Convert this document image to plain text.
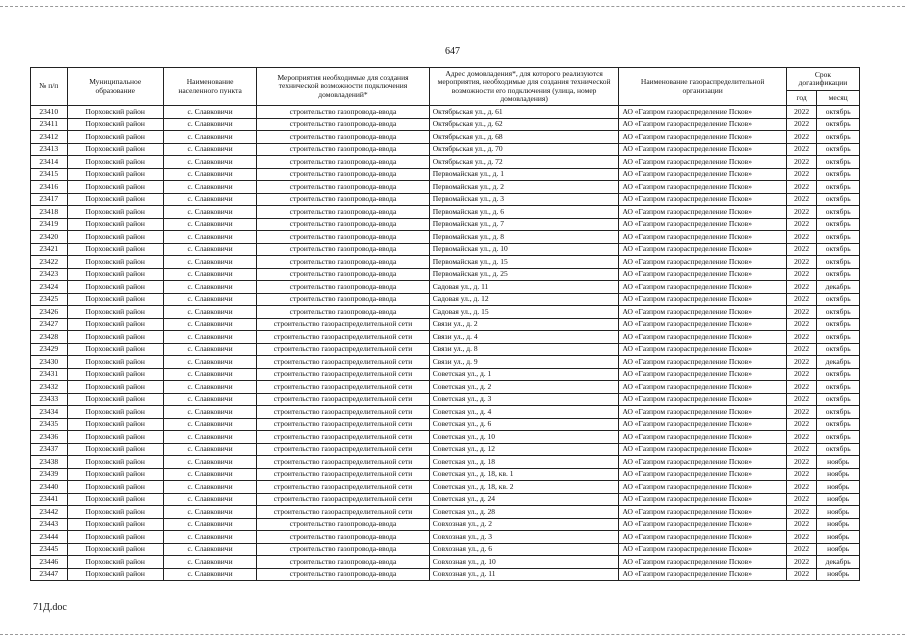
647
№ п/п	Муниципальное образование	Наименование населенного пункта	Мероприятия необходимые для создания технической возможности подключения домовладений*	Адрес домовладения*, для которого реализуются мероприятия, необходимые для создания технической возможности его подключения (улица, номер домовладения)	Наименование газораспределительной организации	Срок догазификации	
						год	месяц
23410	Порховский район	с. Славковичи	строительство газопровода-ввода	Октябрьская ул., д. 61	АО «Газпром газораспределение Псков»	2022	октябрь
23411	Порховский район	с. Славковичи	строительство газопровода-ввода	Октябрьская ул., д. 62	АО «Газпром газораспределение Псков»	2022	октябрь
23412	Порховский район	с. Славковичи	строительство газопровода-ввода	Октябрьская ул., д. 68	АО «Газпром газораспределение Псков»	2022	октябрь
23413	Порховский район	с. Славковичи	строительство газопровода-ввода	Октябрьская ул., д. 70	АО «Газпром газораспределение Псков»	2022	октябрь
23414	Порховский район	с. Славковичи	строительство газопровода-ввода	Октябрьская ул., д. 72	АО «Газпром газораспределение Псков»	2022	октябрь
23415	Порховский район	с. Славковичи	строительство газопровода-ввода	Первомайская ул., д. 1	АО «Газпром газораспределение Псков»	2022	октябрь
23416	Порховский район	с. Славковичи	строительство газопровода-ввода	Первомайская ул., д. 2	АО «Газпром газораспределение Псков»	2022	октябрь
23417	Порховский район	с. Славковичи	строительство газопровода-ввода	Первомайская ул., д. 3	АО «Газпром газораспределение Псков»	2022	октябрь
23418	Порховский район	с. Славковичи	строительство газопровода-ввода	Первомайская ул., д. 6	АО «Газпром газораспределение Псков»	2022	октябрь
23419	Порховский район	с. Славковичи	строительство газопровода-ввода	Первомайская ул., д. 7	АО «Газпром газораспределение Псков»	2022	октябрь
23420	Порховский район	с. Славковичи	строительство газопровода-ввода	Первомайская ул., д. 8	АО «Газпром газораспределение Псков»	2022	октябрь
23421	Порховский район	с. Славковичи	строительство газопровода-ввода	Первомайская ул., д. 10	АО «Газпром газораспределение Псков»	2022	октябрь
23422	Порховский район	с. Славковичи	строительство газопровода-ввода	Первомайская ул., д. 15	АО «Газпром газораспределение Псков»	2022	октябрь
23423	Порховский район	с. Славковичи	строительство газопровода-ввода	Первомайская ул., д. 25	АО «Газпром газораспределение Псков»	2022	октябрь
23424	Порховский район	с. Славковичи	строительство газопровода-ввода	Садовая ул., д. 11	АО «Газпром газораспределение Псков»	2022	декабрь
23425	Порховский район	с. Славковичи	строительство газопровода-ввода	Садовая ул., д. 12	АО «Газпром газораспределение Псков»	2022	октябрь
23426	Порховский район	с. Славковичи	строительство газопровода-ввода	Садовая ул., д. 15	АО «Газпром газораспределение Псков»	2022	октябрь
23427	Порховский район	с. Славковичи	строительство газораспределительной сети	Связи ул., д. 2	АО «Газпром газораспределение Псков»	2022	октябрь
23428	Порховский район	с. Славковичи	строительство газораспределительной сети	Связи ул., д. 4	АО «Газпром газораспределение Псков»	2022	октябрь
23429	Порховский район	с. Славковичи	строительство газораспределительной сети	Связи ул., д. 8	АО «Газпром газораспределение Псков»	2022	октябрь
23430	Порховский район	с. Славковичи	строительство газораспределительной сети	Связи ул., д. 9	АО «Газпром газораспределение Псков»	2022	декабрь
23431	Порховский район	с. Славковичи	строительство газораспределительной сети	Советская ул., д. 1	АО «Газпром газораспределение Псков»	2022	октябрь
23432	Порховский район	с. Славковичи	строительство газораспределительной сети	Советская ул., д. 2	АО «Газпром газораспределение Псков»	2022	октябрь
23433	Порховский район	с. Славковичи	строительство газораспределительной сети	Советская ул., д. 3	АО «Газпром газораспределение Псков»	2022	октябрь
23434	Порховский район	с. Славковичи	строительство газораспределительной сети	Советская ул., д. 4	АО «Газпром газораспределение Псков»	2022	октябрь
23435	Порховский район	с. Славковичи	строительство газораспределительной сети	Советская ул., д. 6	АО «Газпром газораспределение Псков»	2022	октябрь
23436	Порховский район	с. Славковичи	строительство газораспределительной сети	Советская ул., д. 10	АО «Газпром газораспределение Псков»	2022	октябрь
23437	Порховский район	с. Славковичи	строительство газораспределительной сети	Советская ул., д. 12	АО «Газпром газораспределение Псков»	2022	октябрь
23438	Порховский район	с. Славковичи	строительство газораспределительной сети	Советская ул., д. 18	АО «Газпром газораспределение Псков»	2022	ноябрь
23439	Порховский район	с. Славковичи	строительство газораспределительной сети	Советская ул., д. 18, кв. 1	АО «Газпром газораспределение Псков»	2022	ноябрь
23440	Порховский район	с. Славковичи	строительство газораспределительной сети	Советская ул., д. 18, кв. 2	АО «Газпром газораспределение Псков»	2022	ноябрь
23441	Порховский район	с. Славковичи	строительство газораспределительной сети	Советская ул., д. 24	АО «Газпром газораспределение Псков»	2022	ноябрь
23442	Порховский район	с. Славковичи	строительство газораспределительной сети	Советская ул., д. 28	АО «Газпром газораспределение Псков»	2022	ноябрь
23443	Порховский район	с. Славковичи	строительство газопровода-ввода	Совхозная ул., д. 2	АО «Газпром газораспределение Псков»	2022	ноябрь
23444	Порховский район	с. Славковичи	строительство газопровода-ввода	Совхозная ул., д. 3	АО «Газпром газораспределение Псков»	2022	ноябрь
23445	Порховский район	с. Славковичи	строительство газопровода-ввода	Совхозная ул., д. 6	АО «Газпром газораспределение Псков»	2022	ноябрь
23446	Порховский район	с. Славковичи	строительство газопровода-ввода	Совхозная ул., д. 10	АО «Газпром газораспределение Псков»	2022	декабрь
23447	Порховский район	с. Славковичи	строительство газопровода-ввода	Совхозная ул., д. 11	АО «Газпром газораспределение Псков»	2022	ноябрь
71Д.doc
